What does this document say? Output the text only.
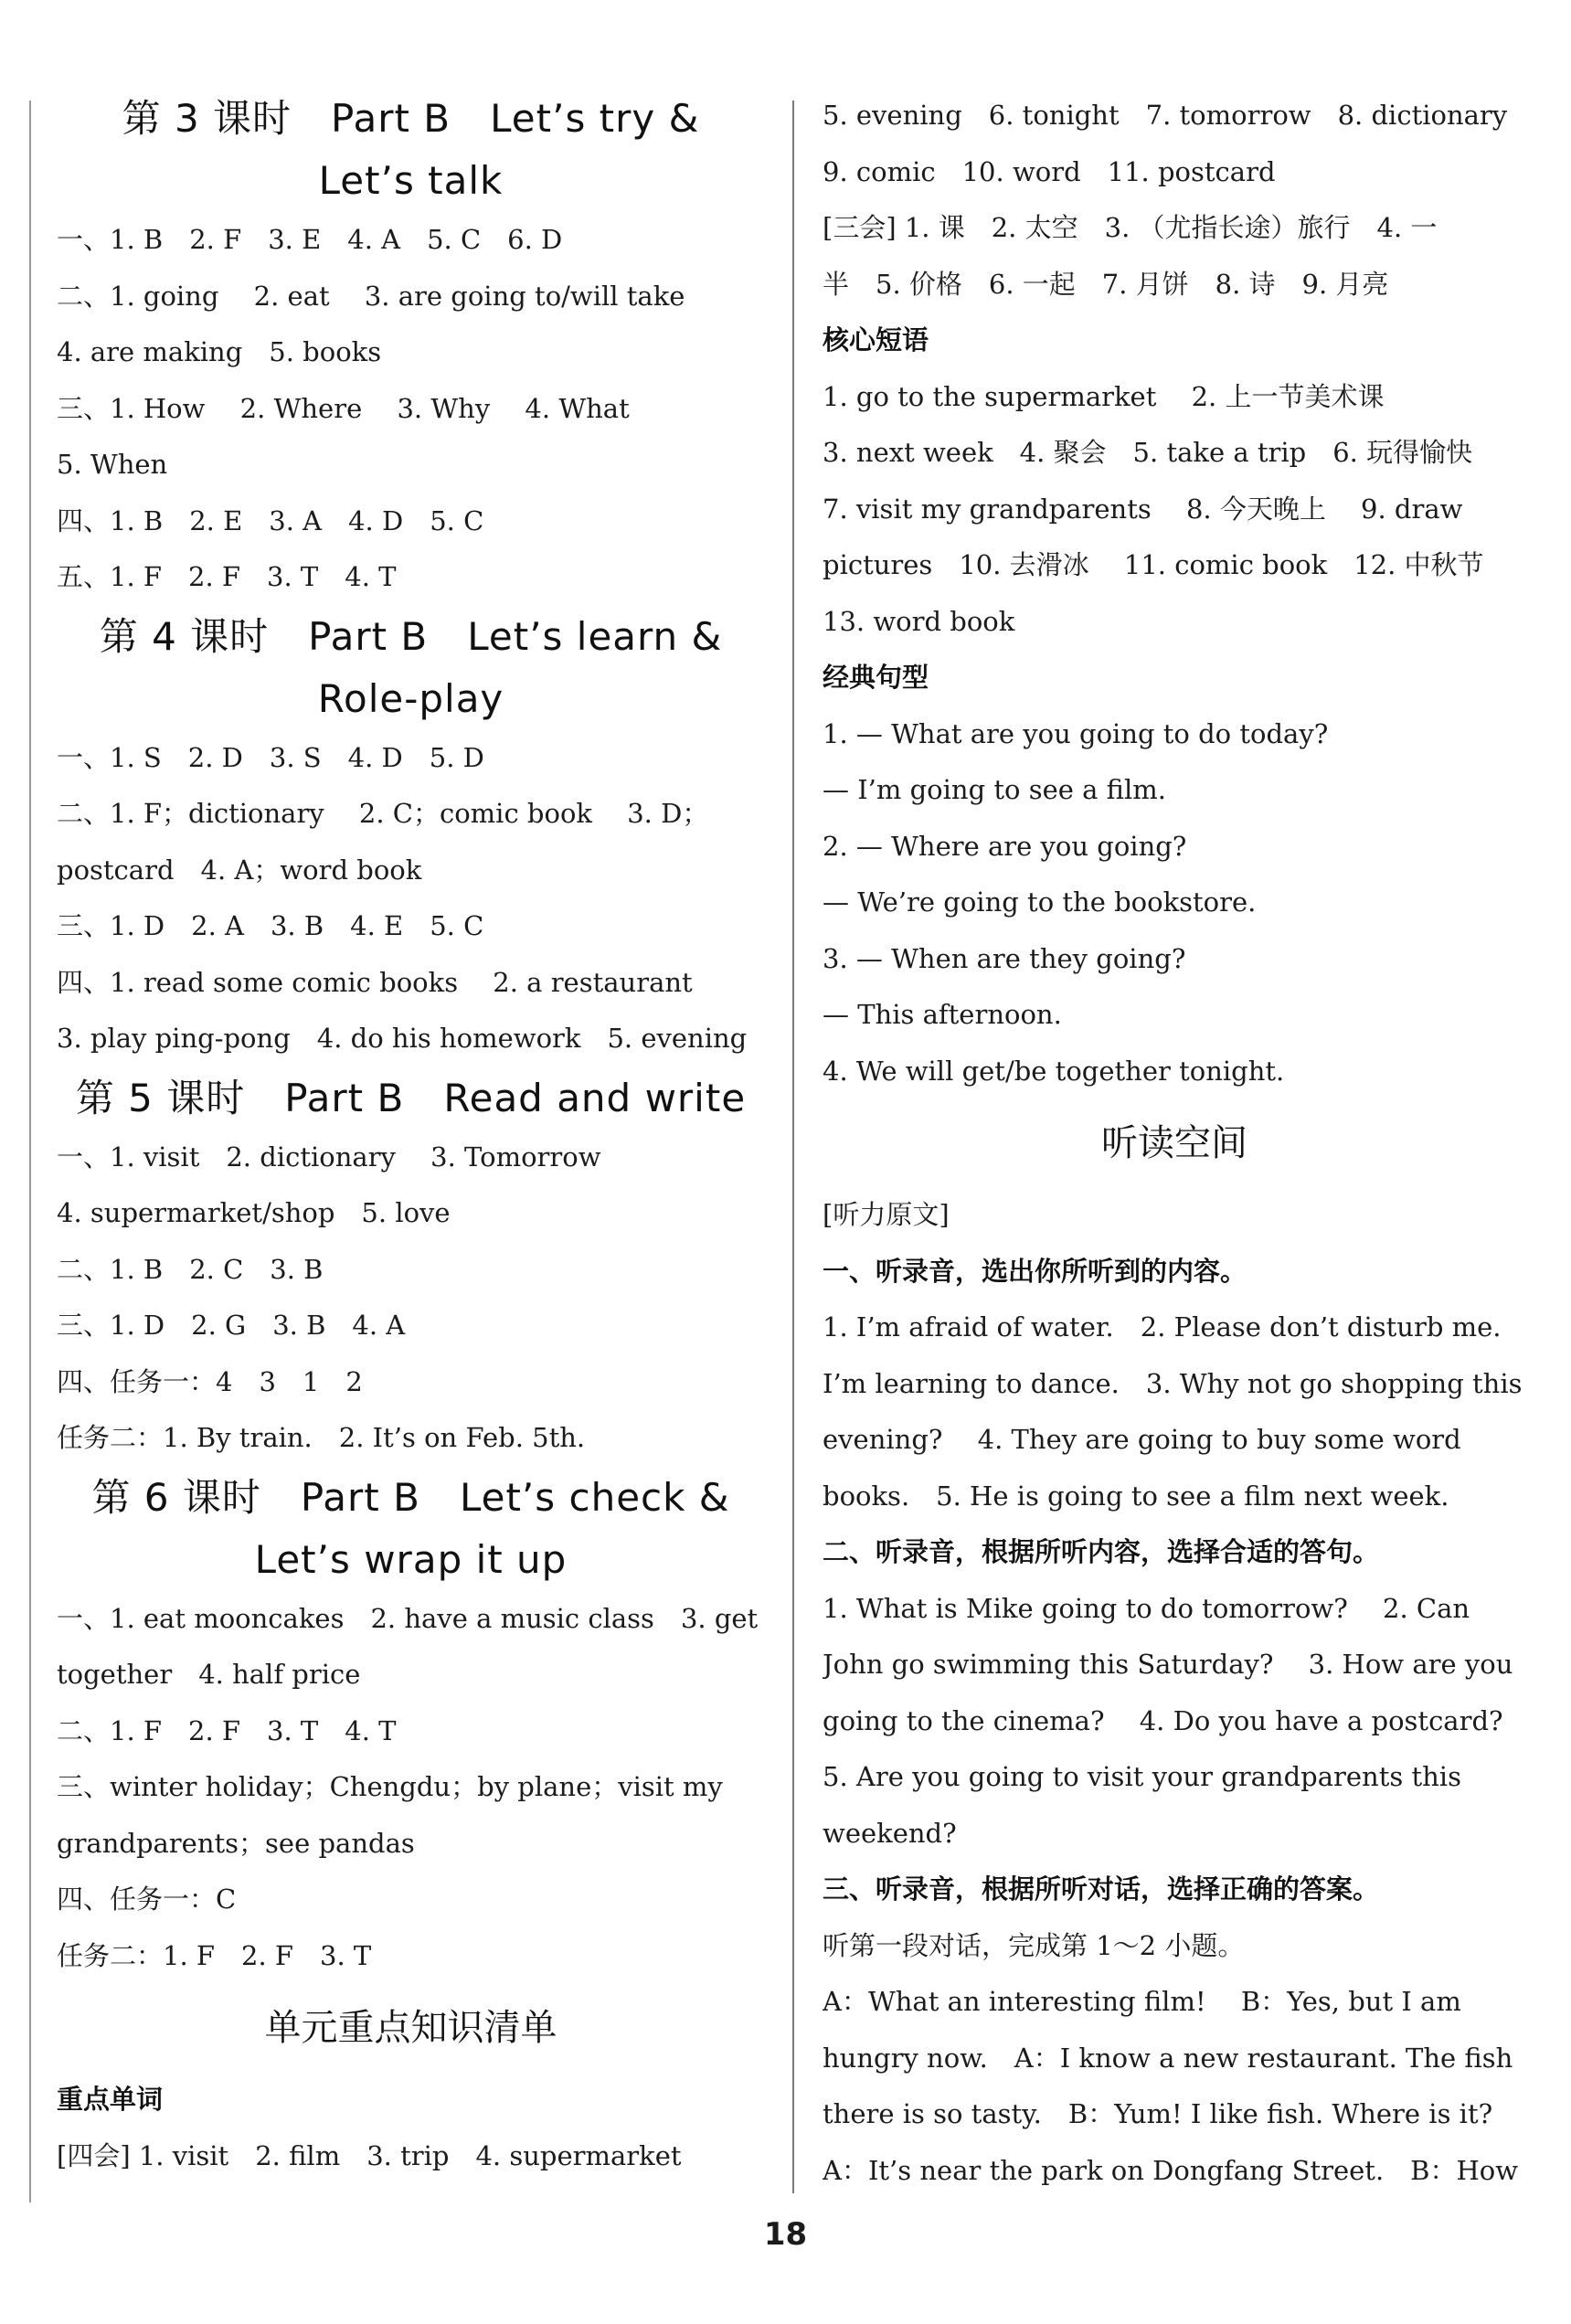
第 3 课时　Part B　Let’s try &
Let’s talk
一、1. B　2. F　3. E　4. A　5. C　6. D
二、1. going　 2. eat　 3. are going to/will take
4. are making　5. books
三、1. How　 2. Where　 3. Why　 4. What
5. When
四、1. B　2. E　3. A　4. D　5. C
五、1. F　2. F　3. T　4. T
第 4 课时　Part B　Let’s learn &
Role-play
一、1. S　2. D　3. S　4. D　5. D
二、1. F；dictionary　 2. C；comic book　 3. D；
postcard　4. A；word book
三、1. D　2. A　3. B　4. E　5. C
四、1. read some comic books　 2. a restaurant
3. play ping-pong　4. do his homework　5. evening
第 5 课时　Part B　Read and write
一、1. visit　2. dictionary　 3. Tomorrow
4. supermarket/shop　5. love
二、1. B　2. C　3. B
三、1. D　2. G　3. B　4. A
四、任务一：4　3　1　2
任务二：1. By train.　2. It’s on Feb. 5th.
第 6 课时　Part B　Let’s check &
Let’s wrap it up
一、1. eat mooncakes　2. have a music class　3. get
together　4. half price
二、1. F　2. F　3. T　4. T
三、winter holiday；Chengdu；by plane；visit my
grandparents；see pandas
四、任务一：C
任务二：1. F　2. F　3. T
单元重点知识清单
重点单词
[四会] 1. visit　2. film　3. trip　4. supermarket
5. evening　6. tonight　7. tomorrow　8. dictionary
9. comic　10. word　11. postcard
[三会] 1. 课　2. 太空　3. （尤指长途）旅行　4. 一
半　5. 价格　6. 一起　7. 月饼　8. 诗　9. 月亮
核心短语
1. go to the supermarket　 2. 上一节美术课
3. next week　4. 聚会　5. take a trip　6. 玩得愉快
7. visit my grandparents　 8. 今天晚上　 9. draw
pictures　10. 去滑冰　 11. comic book　12. 中秋节
13. word book
经典句型
1. — What are you going to do today?
— I’m going to see a film.
2. — Where are you going?
— We’re going to the bookstore.
3. — When are they going?
— This afternoon.
4. We will get/be together tonight.
听读空间
[听力原文]
一、听录音，选出你所听到的内容。
1. I’m afraid of water.　2. Please don’t disturb me.
I’m learning to dance.　3. Why not go shopping this
evening?　 4. They are going to buy some word
books.　5. He is going to see a film next week.
二、听录音，根据所听内容，选择合适的答句。
1. What is Mike going to do tomorrow?　 2. Can
John go swimming this Saturday?　 3. How are you
going to the cinema?　 4. Do you have a postcard?
5. Are you going to visit your grandparents this
weekend?
三、听录音，根据所听对话，选择正确的答案。
听第一段对话，完成第 1～2 小题。
A：What an interesting film!　 B：Yes, but I am
hungry now.　A：I know a new restaurant. The fish
there is so tasty.　B：Yum! I like fish. Where is it?
A：It’s near the park on Dongfang Street.　B：How
18
